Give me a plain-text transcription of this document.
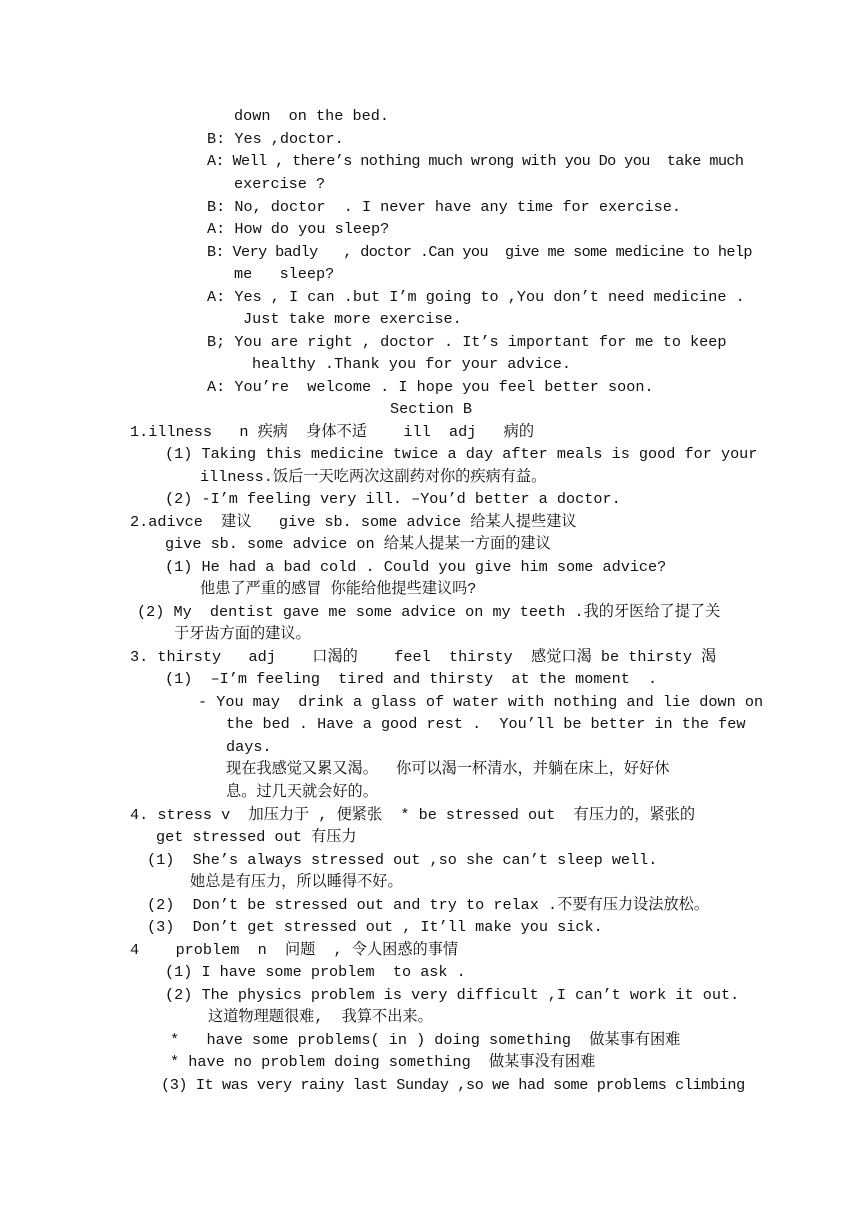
down  on the bed.
B: Yes ,doctor.
A: Well , there’s nothing much wrong with you Do you  take much
exercise ?
B: No, doctor  . I never have any time for exercise.
A: How do you sleep?
B: Very badly   , doctor .Can you  give me some medicine to help
me   sleep?
A: Yes , I can .but I’m going to ,You don’t need medicine .
Just take more exercise.
B; You are right , doctor . It’s important for me to keep
healthy .Thank you for your advice.
A: You’re  welcome . I hope you feel better soon.
Section B
1.illness   n 疾病  身体不适    ill  adj   病的
(1) Taking this medicine twice a day after meals is good for your
illness.饭后一天吃两次这副药对你的疾病有益。
(2) -I’m feeling very ill. –You’d better a doctor.
2.adivce  建议   give sb. some advice 给某人提些建议
give sb. some advice on 给某人提某一方面的建议
(1) He had a bad cold . Could you give him some advice?
他患了严重的感冒 你能给他提些建议吗?
(2) My  dentist gave me some advice on my teeth .我的牙医给了提了关
于牙齿方面的建议。
3. thirsty   adj    口渴的    feel  thirsty  感觉口渴 be thirsty 渴
(1)  –I’m feeling  tired and thirsty  at the moment  .
- You may  drink a glass of water with nothing and lie down on
the bed . Have a good rest .  You’ll be better in the few
days.
现在我感觉又累又渴。  你可以渴一杯清水，并躺在床上，好好休
息。过几天就会好的。
4. stress v  加压力于 , 便紧张  * be stressed out  有压力的，紧张的
get stressed out 有压力
(1)  She’s always stressed out ,so she can’t sleep well.
她总是有压力，所以睡得不好。
(2)  Don’t be stressed out and try to relax .不要有压力设法放松。
(3)  Don’t get stressed out , It’ll make you sick.
4    problem  n  问题  , 令人困惑的事情
(1) I have some problem  to ask .
(2) The physics problem is very difficult ,I can’t work it out.
这道物理题很难,  我算不出来。
*   have some problems( in ) doing something  做某事有困难
* have no problem doing something  做某事没有困难
(3) It was very rainy last Sunday ,so we had some problems climbing
